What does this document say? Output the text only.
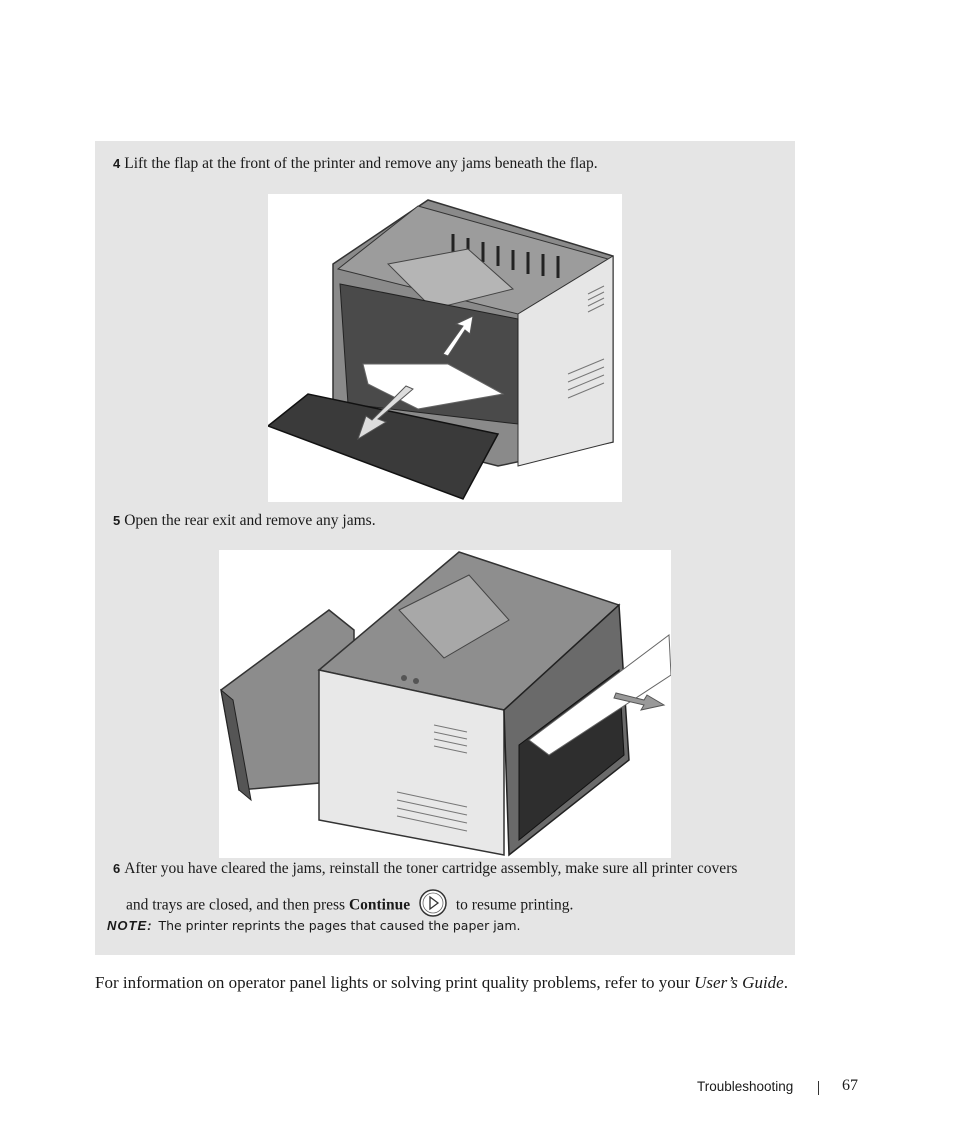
4 Lift the flap at the front of the printer and remove any jams beneath the flap.
5 Open the rear exit and remove any jams.
6 After you have cleared the jams, reinstall the toner cartridge assembly, make sure all printer covers
and trays are closed, and then press Continue	to resume printing.
NOTE: The printer reprints the pages that caused the paper jam.
For information on operator panel lights or solving print quality problems, refer to your User’s Guide.
Troubleshooting	67
